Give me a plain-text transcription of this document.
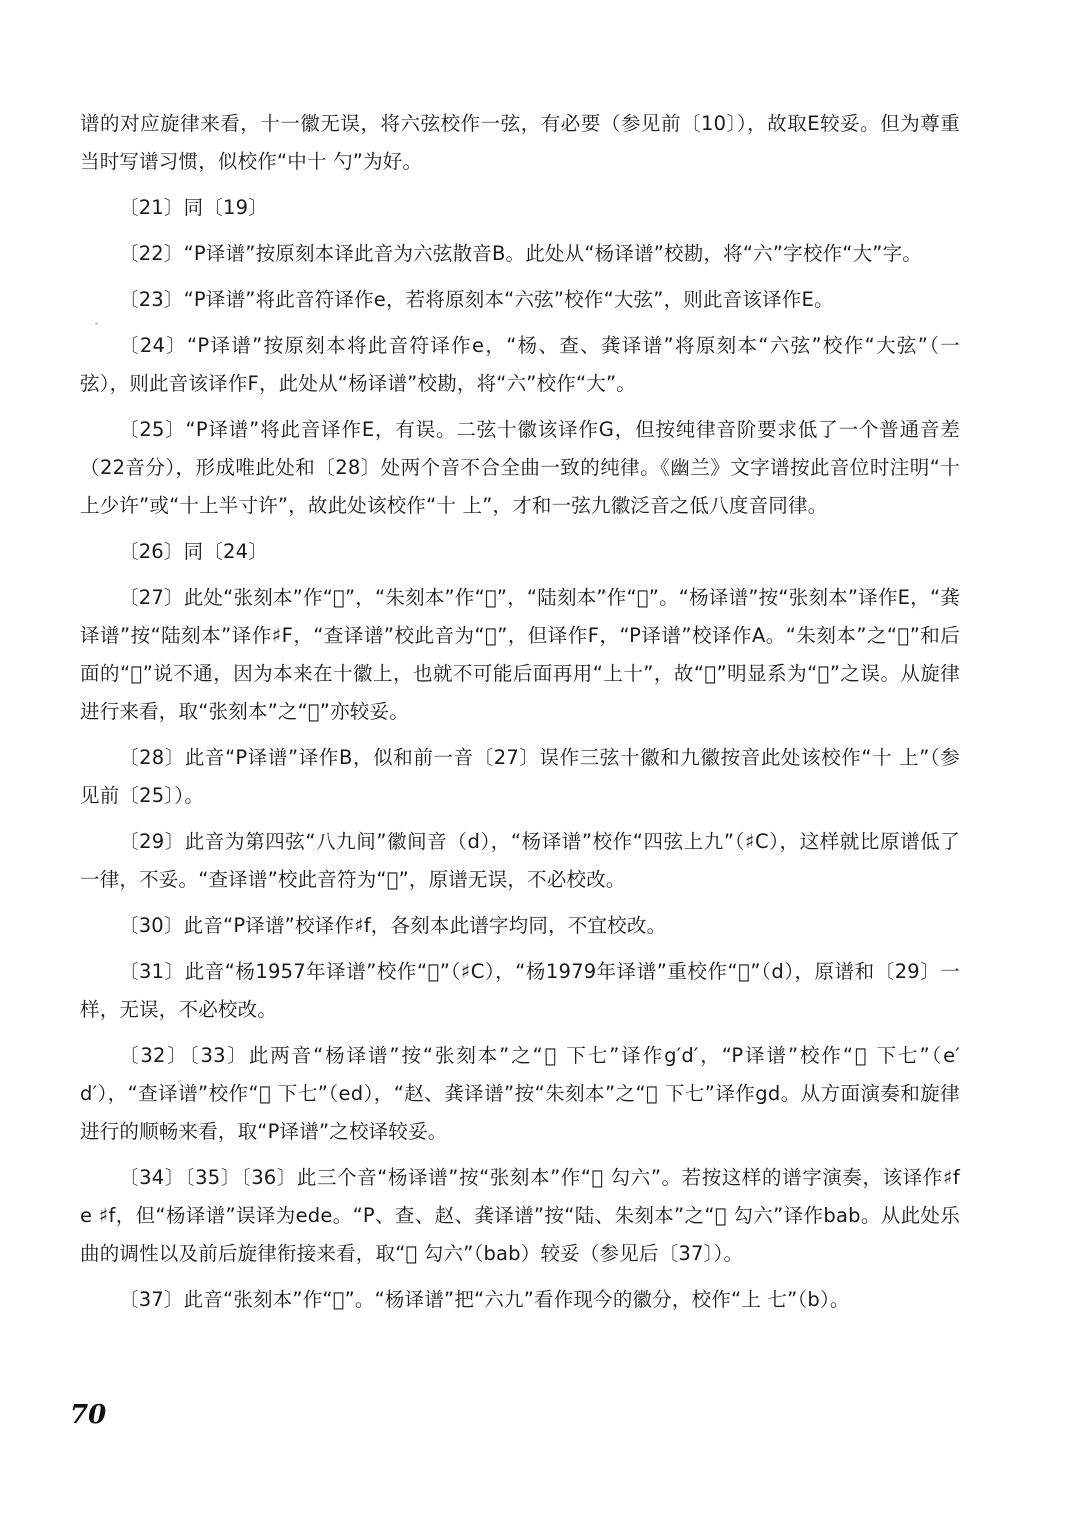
谱的对应旋律来看，十一徽无误，将六弦校作一弦，有必要（参见前〔10〕），故取E较妥。但为尊重当时写谱习惯，似校作“中十 勺”为好。

〔21〕同〔19〕

〔22〕“P译谱”按原刻本译此音为六弦散音B。此处从“杨译谱”校勘，将“六”字校作“大”字。

〔23〕“P译谱”将此音符译作e，若将原刻本“六弦”校作“大弦”，则此音该译作E。

〔24〕“P译谱”按原刻本将此音符译作e，“杨、查、龚译谱”将原刻本“六弦”校作“大弦”（一弦），则此音该译作F，此处从“杨译谱”校勘，将“六”校作“大”。

〔25〕“P译谱”将此音译作E，有误。二弦十徽该译作G，但按纯律音阶要求低了一个普通音差（22音分），形成唯此处和〔28〕处两个音不合全曲一致的纯律。《幽兰》文字谱按此音位时注明“十上少许”或“十上半寸许”，故此处该校作“十 上”，才和一弦九徽泛音之低八度音同律。

〔26〕同〔24〕

〔27〕此处“张刻本”作“𫝀”，“朱刻本”作“𫝀”，“陆刻本”作“𫝀”。“杨译谱”按“张刻本”译作E，“龚译谱”按“陆刻本”译作♯F，“查译谱”校此音为“𫝀”，但译作F，“P译谱”校译作A。“朱刻本”之“𫝀”和后面的“𫝀”说不通，因为本来在十徽上，也就不可能后面再用“上十”，故“𫝀”明显系为“𫝀”之误。从旋律进行来看，取“张刻本”之“𫝀”亦较妥。

〔28〕此音“P译谱”译作B，似和前一音〔27〕误作三弦十徽和九徽按音此处该校作“十 上”（参见前〔25〕）。

〔29〕此音为第四弦“八九间”徽间音（d），“杨译谱”校作“四弦上九”（♯C），这样就比原谱低了一律，不妥。“查译谱”校此音符为“𫝀”，原谱无误，不必校改。

〔30〕此音“P译谱”校译作♯f，各刻本此谱字均同，不宜校改。

〔31〕此音“杨1957年译谱”校作“𫝀”（♯C），“杨1979年译谱”重校作“𫝀”（d），原谱和〔29〕一样，无误，不必校改。

〔32〕〔33〕此两音“杨译谱”按“张刻本”之“𫝀 下七”译作g′d′，“P译谱”校作“𫝀 下七”（e′d′），“查译谱”校作“𫝀 下七”（ed），“赵、龚译谱”按“朱刻本”之“𫝀 下七”译作gd。从方面演奏和旋律进行的顺畅来看，取“P译谱”之校译较妥。

〔34〕〔35〕〔36〕此三个音“杨译谱”按“张刻本”作“𫝀 勾六”。若按这样的谱字演奏，该译作♯f e ♯f，但“杨译谱”误译为ede。“P、查、赵、龚译谱”按“陆、朱刻本”之“𫝀 勾六”译作bab。从此处乐曲的调性以及前后旋律衔接来看，取“𫝀 勾六”（bab）较妥（参见后〔37〕）。

〔37〕此音“张刻本”作“𫝀”。“杨译谱”把“六九”看作现今的徽分，校作“上 七”（b）。

70
